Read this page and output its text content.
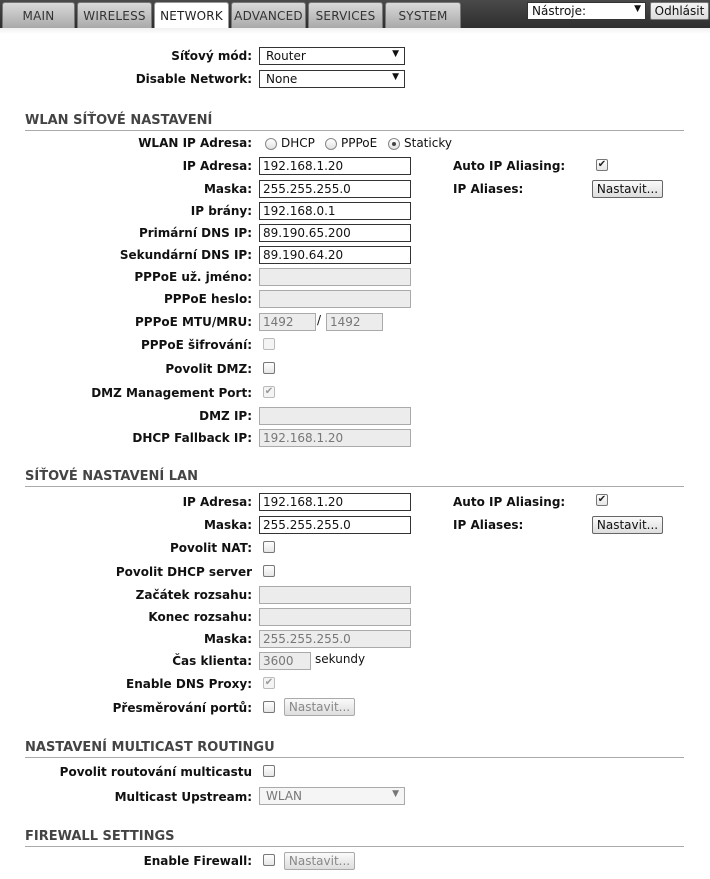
MAIN	WIRELESS	NETWORK ADVANCED	SERVICES	SYSTEM	Nástroje:	▼	Odhlásit
Síťový mód:	Router	▼
Disable Network:	None	▼
WLAN SÍŤOVÉ NASTAVENÍ
WLAN IP Adresa: DHCP PPPoE Staticky
IP Adresa: 192.168.1.20	Auto IP Aliasing:	✔
Maska: 255.255.255.0	IP Aliases:	Nastavit...
IP brány: 192.168.0.1
Primární DNS IP: 89.190.65.200
Sekundární DNS IP: 89.190.64.20
PPPoE už. jméno:
PPPoE heslo:
PPPoE MTU/MRU: 1492	/ 1492
PPPoE šifrování:
Povolit DMZ:
DMZ Management Port: ✔
DMZ IP:
DHCP Fallback IP: 192.168.1.20
SÍŤOVÉ NASTAVENÍ LAN
IP Adresa: 192.168.1.20	Auto IP Aliasing:	✔
Maska: 255.255.255.0	IP Aliases:	Nastavit...
Povolit NAT:
Povolit DHCP server
Začátek rozsahu:
Konec rozsahu:
Maska: 255.255.255.0
Čas klienta: 3600	sekundy
Enable DNS Proxy: ✔
Přesměrování portů:	Nastavit...
NASTAVENÍ MULTICAST ROUTINGU
Povolit routování multicastu
Multicast Upstream:	WLAN	▼
FIREWALL SETTINGS
Enable Firewall:	Nastavit...
